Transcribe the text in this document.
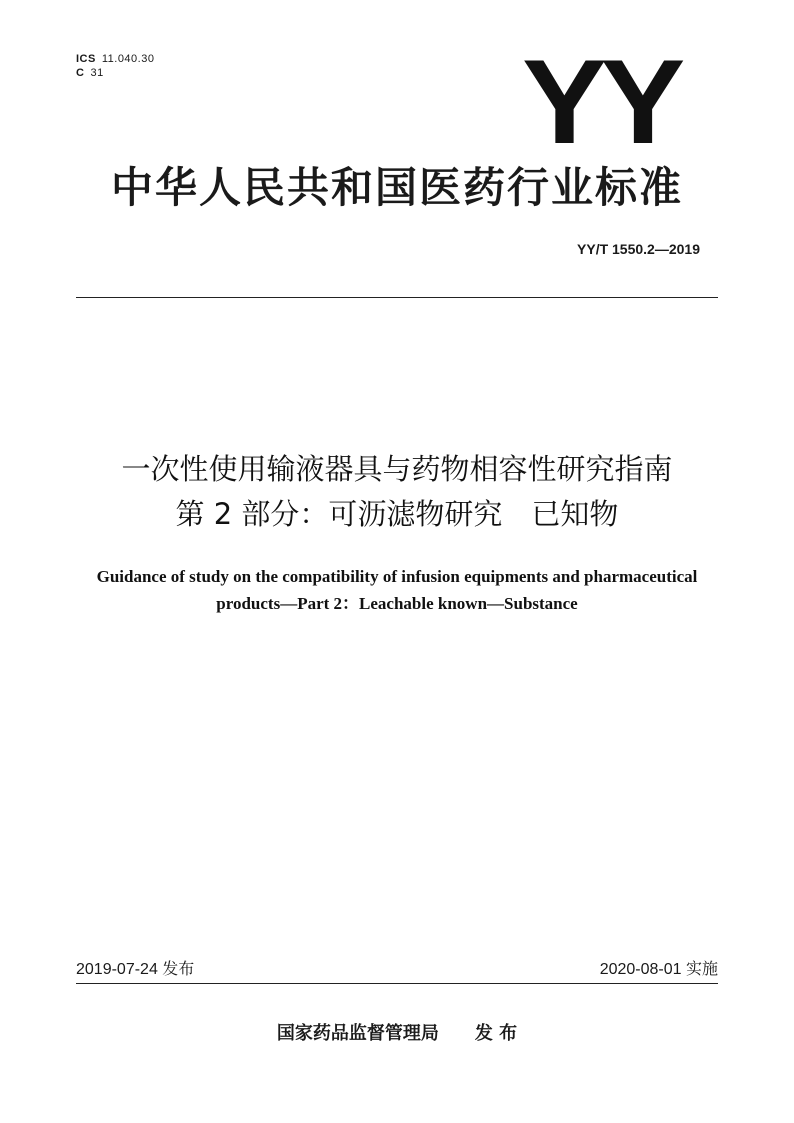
ICS 11.040.30
C 31	YY
中华人民共和国医药行业标准
YY/T 1550.2—2019
一次性使用输液器具与药物相容性研究指南
第 2 部分：可沥滤物研究　已知物
Guidance of study on the compatibility of infusion equipments and pharmaceutical
products—Part 2：Leachable known—Substance
2019-07-24 发布	2020-08-01 实施
国家药品监督管理局 发 布
